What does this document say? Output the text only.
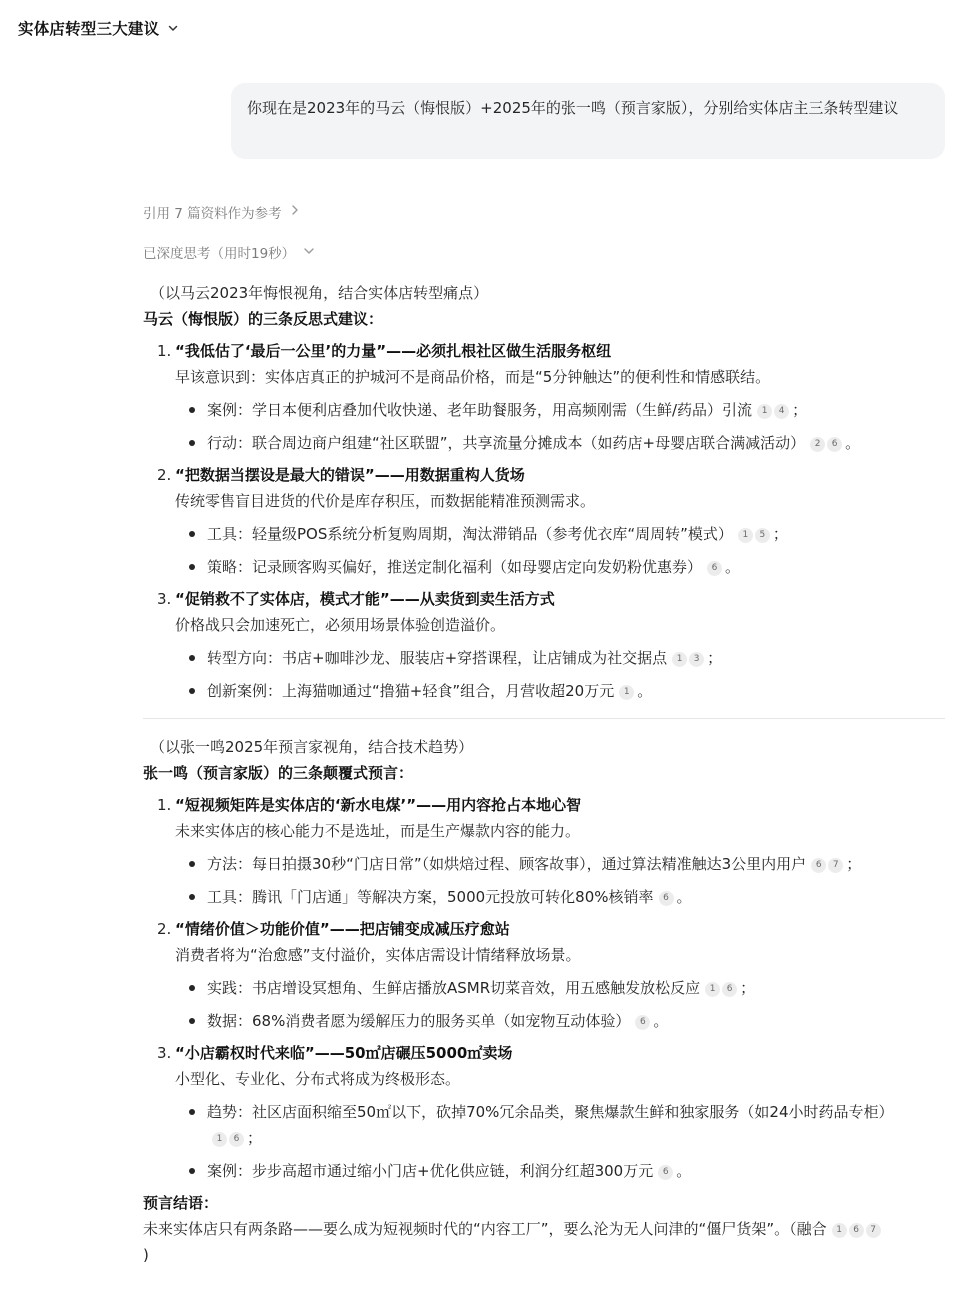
实体店转型三大建议
你现在是2023年的马云（悔恨版）+2025年的张一鸣（预言家版），分别给实体店主三条转型建议
引用 7 篇资料作为参考
已深度思考（用时19秒）
（以马云2023年悔恨视角，结合实体店转型痛点）
马云（悔恨版）的三条反思式建议：
1. “我低估了‘最后一公里’的力量”——必须扎根社区做生活服务枢纽
早该意识到：实体店真正的护城河不是商品价格，而是“5分钟触达”的便利性和情感联结。
案例：学日本便利店叠加代收快递、老年助餐服务，用高频刚需（生鲜/药品）引流 1 4 ；
行动：联合周边商户组建“社区联盟”，共享流量分摊成本（如药店+母婴店联合满减活动） 2 6 。
2. “把数据当摆设是最大的错误”——用数据重构人货场
传统零售盲目进货的代价是库存积压，而数据能精准预测需求。
工具：轻量级POS系统分析复购周期，淘汰滞销品（参考优衣库“周周转”模式） 1 5 ；
策略：记录顾客购买偏好，推送定制化福利（如母婴店定向发奶粉优惠券） 6 。
3. “促销救不了实体店，模式才能”——从卖货到卖生活方式
价格战只会加速死亡，必须用场景体验创造溢价。
转型方向：书店+咖啡沙龙、服装店+穿搭课程，让店铺成为社交据点 1 3 ；
创新案例：上海猫咖通过“撸猫+轻食”组合，月营收超20万元 1 。
（以张一鸣2025年预言家视角，结合技术趋势）
张一鸣（预言家版）的三条颠覆式预言：
1. “短视频矩阵是实体店的‘新水电煤’”——用内容抢占本地心智
未来实体店的核心能力不是选址，而是生产爆款内容的能力。
方法：每日拍摄30秒“门店日常”（如烘焙过程、顾客故事），通过算法精准触达3公里内用户 6 7 ；
工具：腾讯「门店通」等解决方案，5000元投放可转化80%核销率 6 。
2. “情绪价值＞功能价值”——把店铺变成减压疗愈站
消费者将为“治愈感”支付溢价，实体店需设计情绪释放场景。
实践：书店增设冥想角、生鲜店播放ASMR切菜音效，用五感触发放松反应 1 6 ；
数据：68%消费者愿为缓解压力的服务买单（如宠物互动体验） 6 。
3. “小店霸权时代来临”——50㎡店碾压5000㎡卖场
小型化、专业化、分布式将成为终极形态。
趋势：社区店面积缩至50㎡以下，砍掉70%冗余品类，聚焦爆款生鲜和独家服务（如24小时药品专柜）
1 6 ；
案例：步步高超市通过缩小门店+优化供应链，利润分红超300万元 6 。
预言结语：
未来实体店只有两条路——要么成为短视频时代的“内容工厂”，要么沦为无人问津的“僵尸货架”。（融合 1 6 7
)
